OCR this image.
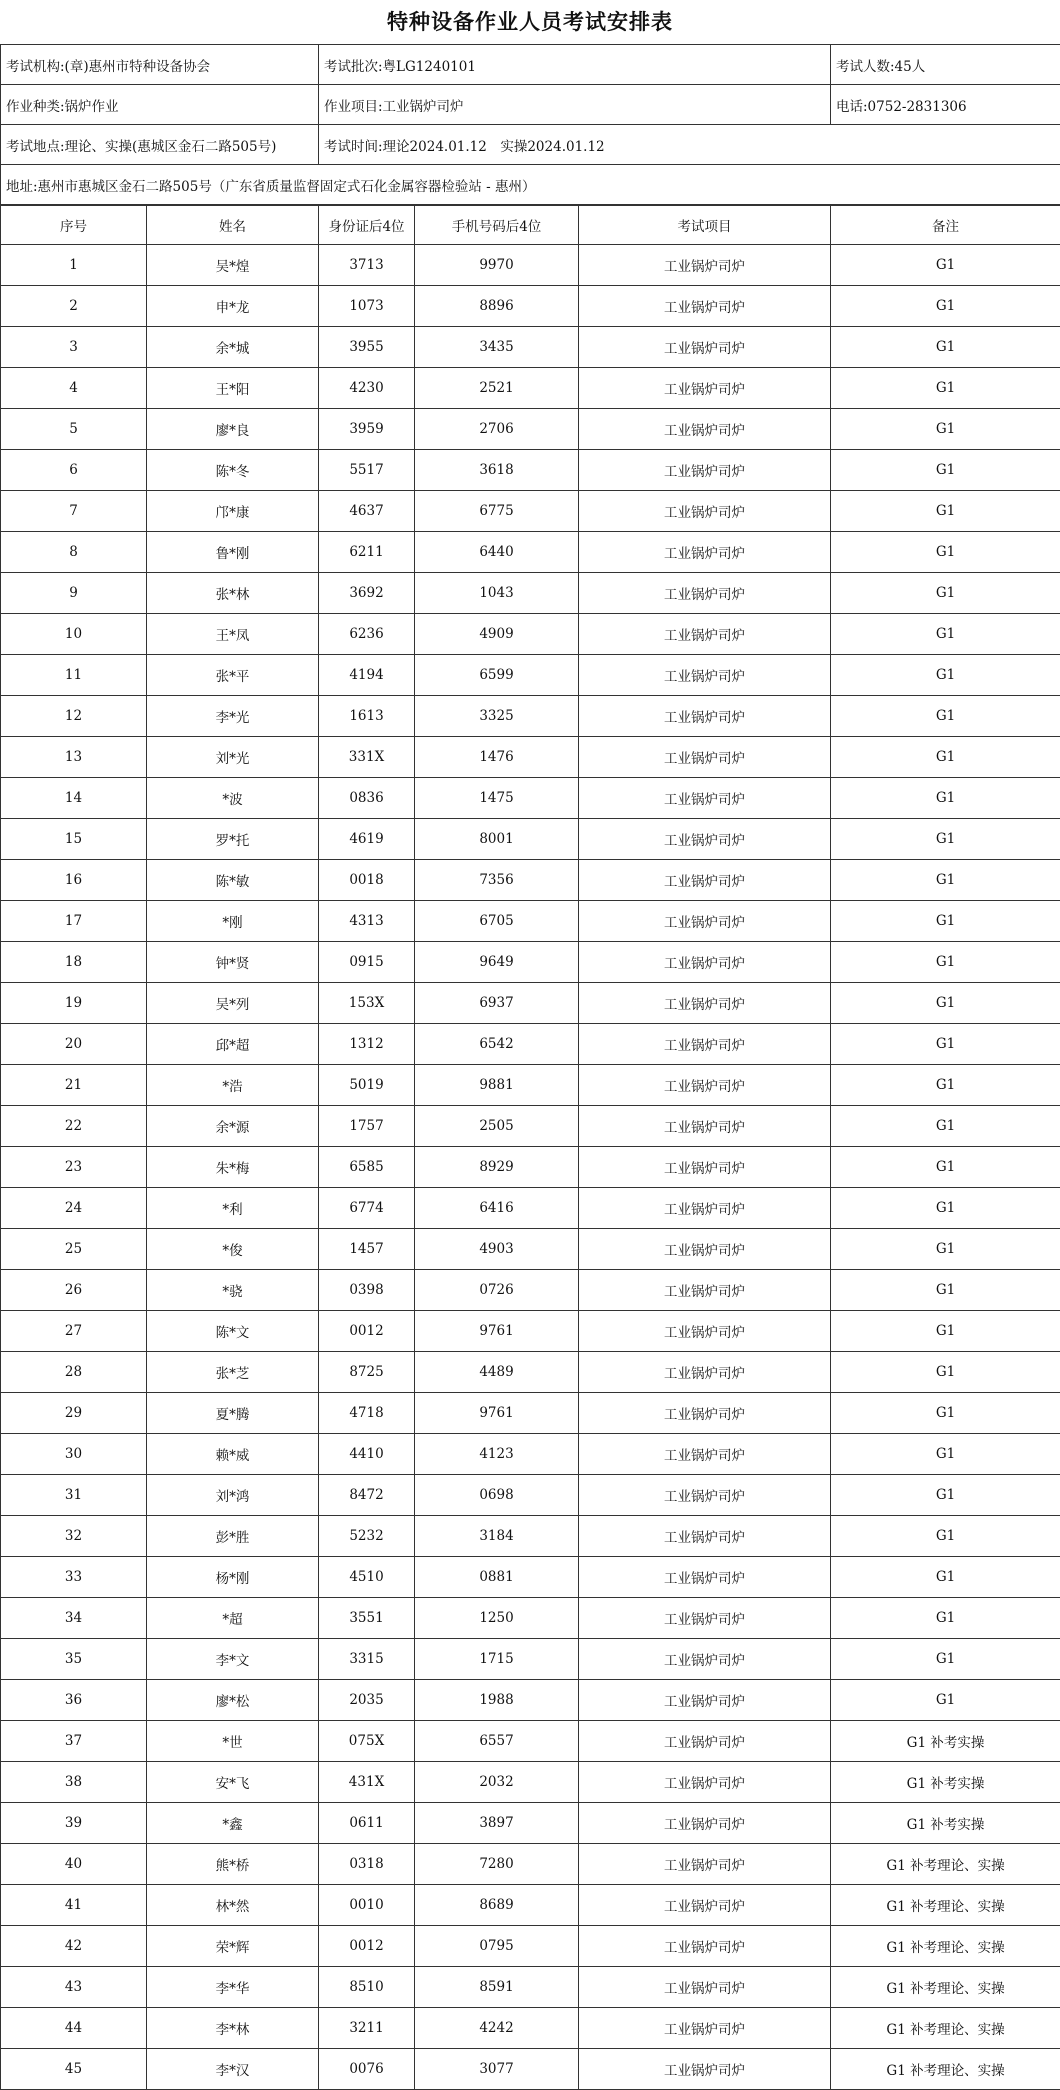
特种设备作业人员考试安排表
考试机构:(章)惠州市特种设备协会	考试批次:粤LG1240101	考试人数:45人
作业种类:锅炉作业	作业项目:工业锅炉司炉	电话:0752-2831306
考试地点:理论、实操(惠城区金石二路505号)	考试时间:理论2024.01.12　实操2024.01.12	
地址:惠州市惠城区金石二路505号（广东省质量监督固定式石化金属容器检验站 - 惠州）		
序号	姓名	身份证后4位	手机号码后4位	考试项目	备注
1	吴*煌	3713	9970	工业锅炉司炉	G1
2	申*龙	1073	8896	工业锅炉司炉	G1
3	余*城	3955	3435	工业锅炉司炉	G1
4	王*阳	4230	2521	工业锅炉司炉	G1
5	廖*良	3959	2706	工业锅炉司炉	G1
6	陈*冬	5517	3618	工业锅炉司炉	G1
7	邝*康	4637	6775	工业锅炉司炉	G1
8	鲁*刚	6211	6440	工业锅炉司炉	G1
9	张*林	3692	1043	工业锅炉司炉	G1
10	王*凤	6236	4909	工业锅炉司炉	G1
11	张*平	4194	6599	工业锅炉司炉	G1
12	李*光	1613	3325	工业锅炉司炉	G1
13	刘*光	331X	1476	工业锅炉司炉	G1
14	*波	0836	1475	工业锅炉司炉	G1
15	罗*托	4619	8001	工业锅炉司炉	G1
16	陈*敏	0018	7356	工业锅炉司炉	G1
17	*刚	4313	6705	工业锅炉司炉	G1
18	钟*贤	0915	9649	工业锅炉司炉	G1
19	吴*列	153X	6937	工业锅炉司炉	G1
20	邱*超	1312	6542	工业锅炉司炉	G1
21	*浩	5019	9881	工业锅炉司炉	G1
22	余*源	1757	2505	工业锅炉司炉	G1
23	朱*梅	6585	8929	工业锅炉司炉	G1
24	*利	6774	6416	工业锅炉司炉	G1
25	*俊	1457	4903	工业锅炉司炉	G1
26	*骁	0398	0726	工业锅炉司炉	G1
27	陈*文	0012	9761	工业锅炉司炉	G1
28	张*芝	8725	4489	工业锅炉司炉	G1
29	夏*腾	4718	9761	工业锅炉司炉	G1
30	赖*威	4410	4123	工业锅炉司炉	G1
31	刘*鸿	8472	0698	工业锅炉司炉	G1
32	彭*胜	5232	3184	工业锅炉司炉	G1
33	杨*刚	4510	0881	工业锅炉司炉	G1
34	*超	3551	1250	工业锅炉司炉	G1
35	李*文	3315	1715	工业锅炉司炉	G1
36	廖*松	2035	1988	工业锅炉司炉	G1
37	*世	075X	6557	工业锅炉司炉	G1 补考实操
38	安*飞	431X	2032	工业锅炉司炉	G1 补考实操
39	*鑫	0611	3897	工业锅炉司炉	G1 补考实操
40	熊*桥	0318	7280	工业锅炉司炉	G1 补考理论、实操
41	林*然	0010	8689	工业锅炉司炉	G1 补考理论、实操
42	荣*辉	0012	0795	工业锅炉司炉	G1 补考理论、实操
43	李*华	8510	8591	工业锅炉司炉	G1 补考理论、实操
44	李*林	3211	4242	工业锅炉司炉	G1 补考理论、实操
45	李*汉	0076	3077	工业锅炉司炉	G1 补考理论、实操
